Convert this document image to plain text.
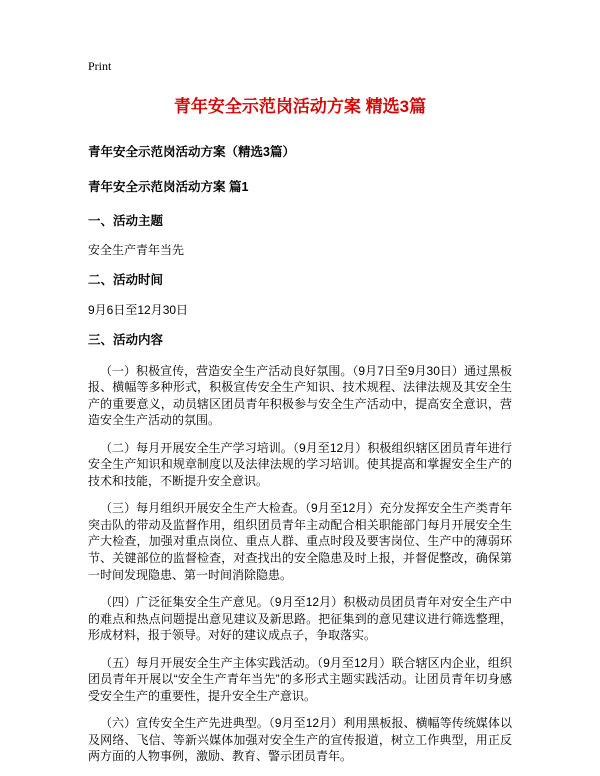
Print
青年安全示范岗活动方案 精选3篇

青年安全示范岗活动方案（精选3篇）

青年安全示范岗活动方案 篇1

一、活动主题

安全生产青年当先

二、活动时间

9月6日至12月30日

三、活动内容

（一）积极宣传，营造安全生产活动良好氛围。（9月7日至9月30日）通过黑板报、横幅等多种形式，积极宣传安全生产知识、技术规程、法律法规及其安全生产的重要意义，动员辖区团员青年积极参与安全生产活动中，提高安全意识，营造安全生产活动的氛围。

（二）每月开展安全生产学习培训。（9月至12月）积极组织辖区团员青年进行安全生产知识和规章制度以及法律法规的学习培训。使其提高和掌握安全生产的技术和技能，不断提升安全意识。

（三）每月组织开展安全生产大检查。（9月至12月）充分发挥安全生产类青年突击队的带动及监督作用，组织团员青年主动配合相关职能部门每月开展安全生产大检查，加强对重点岗位、重点人群、重点时段及要害岗位、生产中的薄弱环节、关键部位的监督检查，对查找出的安全隐患及时上报，并督促整改，确保第一时间发现隐患、第一时间消除隐患。

（四）广泛征集安全生产意见。（9月至12月）积极动员团员青年对安全生产中的难点和热点问题提出意见建议及新思路。把征集到的意见建议进行筛选整理，形成材料，报于领导。对好的建议成点子，争取落实。

（五）每月开展安全生产主体实践活动。（9月至12月）联合辖区内企业，组织团员青年开展以“安全生产青年当先”的多形式主题实践活动。让团员青年切身感受安全生产的重要性，提升安全生产意识。

（六）宣传安全生产先进典型。（9月至12月）利用黑板报、横幅等传统媒体以及网络、飞信、等新兴媒体加强对安全生产的宣传报道，树立工作典型，用正反两方面的人物事例，激励、教育、警示团员青年。
